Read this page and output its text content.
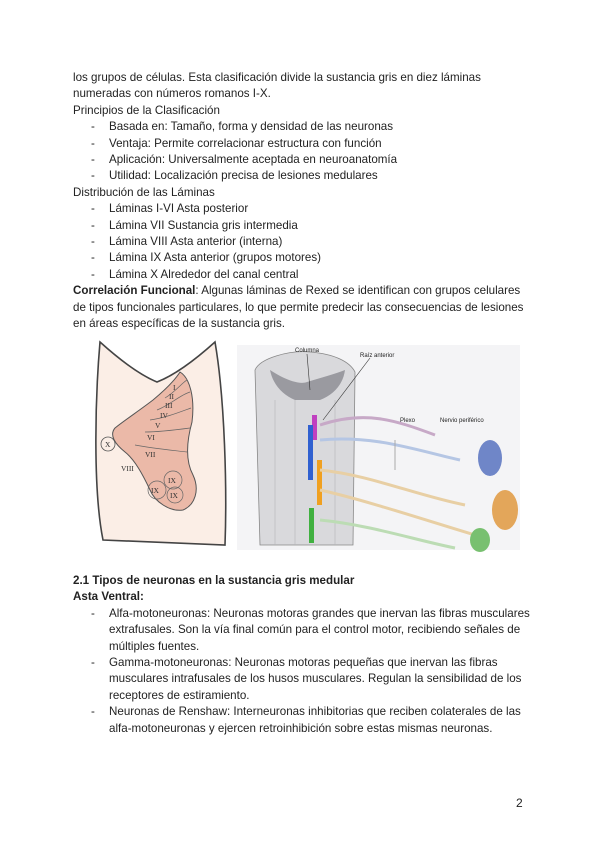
los grupos de células. Esta clasificación divide la sustancia gris en diez láminas numeradas con números romanos I-X.

Principios de la Clasificación

- Basada en: Tamaño, forma y densidad de las neuronas
- Ventaja: Permite correlacionar estructura con función
- Aplicación: Universalmente aceptada en neuroanatomía
- Utilidad: Localización precisa de lesiones medulares

Distribución de las Láminas

- Láminas I-VI Asta posterior
- Lámina VII Sustancia gris intermedia
- Lámina VIII Asta anterior (interna)
- Lámina IX Asta anterior (grupos motores)
- Lámina X Alrededor del canal central

Correlación Funcional: Algunas láminas de Rexed se identifican con grupos celulares de tipos funcionales particulares, lo que permite predecir las consecuencias de lesiones en áreas específicas de la sustancia gris.

I
II
III
IV
V
VI
VII
VIII
IX
IX
IX
X
Columna
Raíz anterior
Plexo	Nervio periférico

2.1 Tipos de neuronas en la sustancia gris medular

Asta Ventral:

- Alfa-motoneuronas: Neuronas motoras grandes que inervan las fibras musculares extrafusales. Son la vía final común para el control motor, recibiendo señales de múltiples fuentes.
- Gamma-motoneuronas: Neuronas motoras pequeñas que inervan las fibras musculares intrafusales de los husos musculares. Regulan la sensibilidad de los receptores de estiramiento.
- Neuronas de Renshaw: Interneuronas inhibitorias que reciben colaterales de las alfa-motoneuronas y ejercen retroinhibición sobre estas mismas neuronas.
2
